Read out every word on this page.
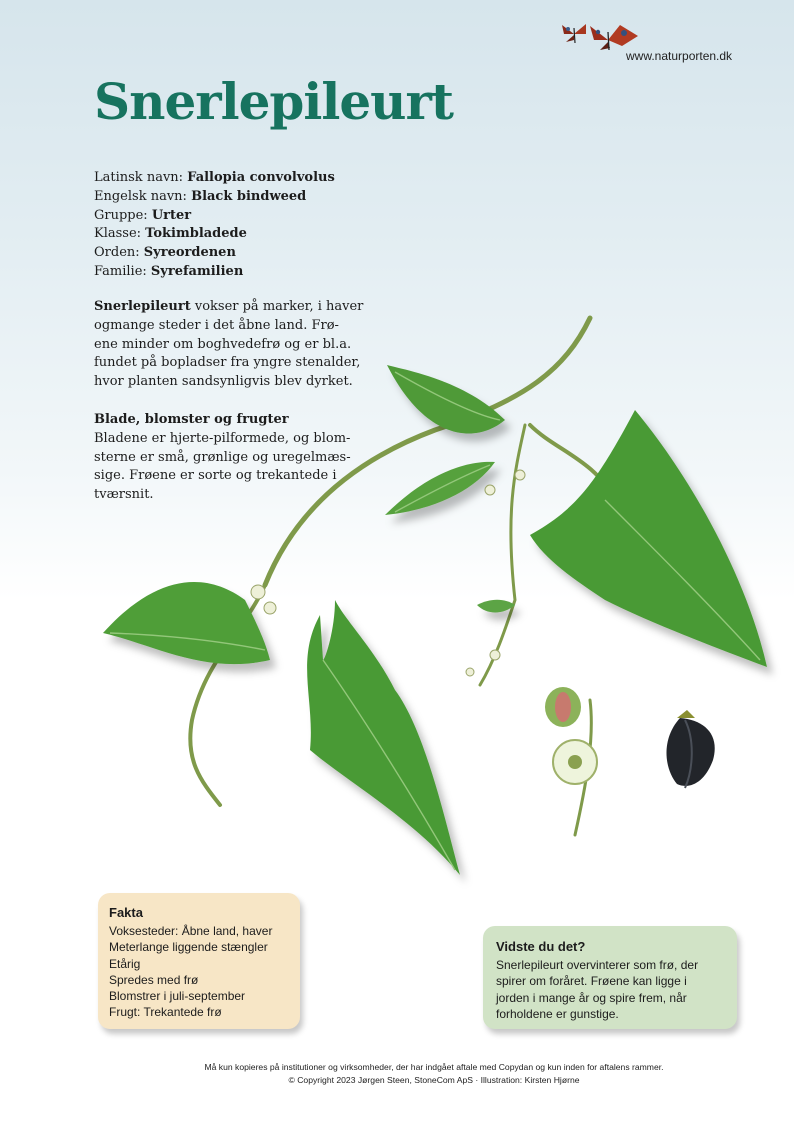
www.naturporten.dk
Snerlepileurt
Latinsk navn: Fallopia convolvolus
Engelsk navn: Black bindweed
Gruppe: Urter
Klasse: Tokimbladede
Orden: Syreordenen
Familie: Syrefamilien

Snerlepileurt vokser på marker, i haver
ogmange steder i det åbne land. Frø-
ene minder om boghvedefrø og er bl.a.
fundet på bopladser fra yngre stenalder,
hvor planten sandsynligvis blev dyrket.

Blade, blomster og frugter
Bladene er hjerte-pilformede, og blom-
sterne er små, grønlige og uregelmæs-
sige. Frøene er sorte og trekantede i
tværsnit.

Fakta
Voksesteder: Åbne land, haver
Meterlange liggende stængler
Etårig
Spredes med frø
Blomstrer i juli-september
Frugt: Trekantede frø
Vidste du det?
Snerlepileurt overvinterer som frø, der
spirer om foråret. Frøene kan ligge i
jorden i mange år og spire frem, når
forholdene er gunstige.
Må kun kopieres på institutioner og virksomheder, der har indgået aftale med Copydan og kun inden for aftalens rammer.
© Copyright 2023 Jørgen Steen, StoneCom ApS · Illustration: Kirsten Hjørne
